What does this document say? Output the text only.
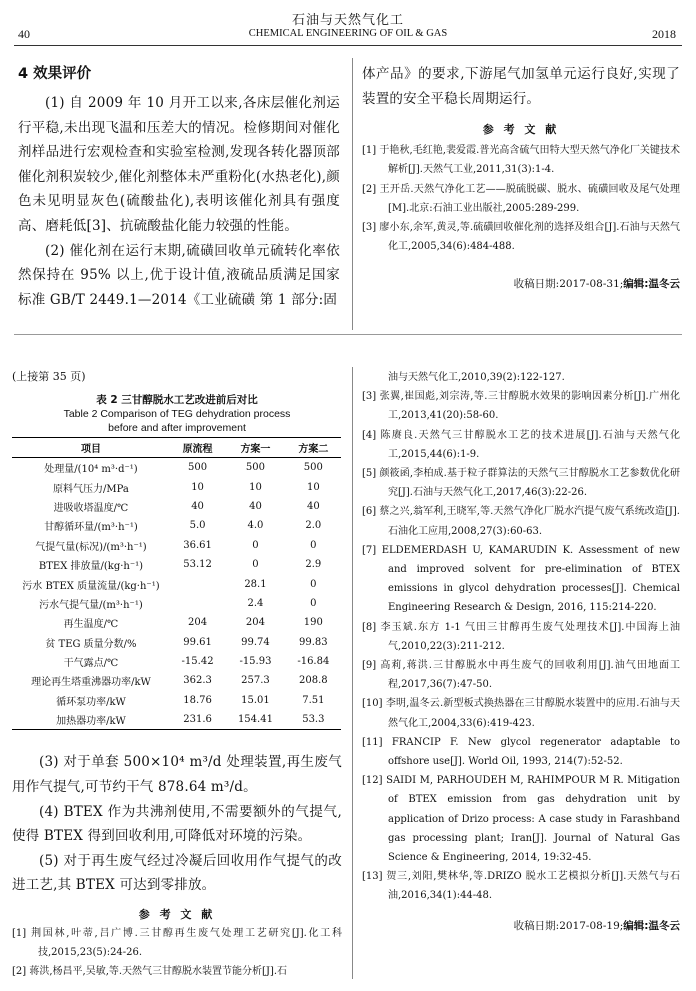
石油与天然气化工
CHEMICAL ENGINEERING OF OIL & GAS
40	2018
4 效果评价

(1) 自 2009 年 10 月开工以来,各床层催化剂运行平稳,未出现飞温和压差大的情况。检修期间对催化剂样品进行宏观检查和实验室检测,发现各转化器顶部催化剂积炭较少,催化剂整体未严重粉化(水热老化),颜色未见明显灰色(硫酸盐化),表明该催化剂具有强度高、磨耗低[3]、抗硫酸盐化能力较强的性能。

(2) 催化剂在运行末期,硫磺回收单元硫转化率依然保持在 95% 以上,优于设计值,液硫品质满足国家标准 GB/T 2449.1—2014《工业硫磺 第 1 部分:固

体产品》的要求,下游尾气加氢单元运行良好,实现了装置的安全平稳长周期运行。

参 考 文 献
[1] 于艳秋,毛红艳,裴爱霞.普光高含硫气田特大型天然气净化厂关键技术解析[J].天然气工业,2011,31(3):1-4.
[2] 王开岳.天然气净化工艺——脱硫脱碳、脱水、硫磺回收及尾气处理[M].北京:石油工业出版社,2005:289-299.
[3] 廖小东,余军,黄灵,等.硫磺回收催化剂的选择及组合[J].石油与天然气化工,2005,34(6):484-488.
收稿日期:2017-08-31;编辑:温冬云
(上接第 35 页)
表 2 三甘醇脱水工艺改进前后对比
Table 2 Comparison of TEG dehydration process
before and after improvement
项目	原流程	方案一	方案二
处理量/(10⁴ m³·d⁻¹)	500	500	500
原料气压力/MPa	10	10	10
进吸收塔温度/℃	40	40	40
甘醇循环量/(m³·h⁻¹)	5.0	4.0	2.0
气提气量(标况)/(m³·h⁻¹)	36.61	0	0
BTEX 排放量/(kg·h⁻¹)	53.12	0	2.9
污水 BTEX 质量流量/(kg·h⁻¹)		28.1	0
污水气提气量/(m³·h⁻¹)		2.4	0
再生温度/℃	204	204	190
贫 TEG 质量分数/%	99.61	99.74	99.83
干气露点/℃	-15.42	-15.93	-16.84
理论再生塔重沸器功率/kW	362.3	257.3	208.8
循环泵功率/kW	18.76	15.01	7.51
加热器功率/kW	231.6	154.41	53.3

(3) 对于单套 500×10⁴ m³/d 处理装置,再生废气用作气提气,可节约干气 878.64 m³/d。

(4) BTEX 作为共沸剂使用,不需要额外的气提气,使得 BTEX 得到回收利用,可降低对环境的污染。

(5) 对于再生废气经过冷凝后回收用作气提气的改进工艺,其 BTEX 可达到零排放。

参 考 文 献
[1] 荆国林,叶蒂,吕广博.三甘醇再生废气处理工艺研究[J].化工科技,2015,23(5):24-26.
[2] 蒋洪,杨昌平,吴敏,等.天然气三甘醇脱水装置节能分析[J].石
油与天然气化工,2010,39(2):122-127.
[3] 张翼,崔国彪,刘宗涛,等.三甘醇脱水效果的影响因素分析[J].广州化工,2013,41(20):58-60.
[4] 陈赓良.天然气三甘醇脱水工艺的技术进展[J].石油与天然气化工,2015,44(6):1-9.
[5] 颜筱函,李柏成.基于粒子群算法的天然气三甘醇脱水工艺参数优化研究[J].石油与天然气化工,2017,46(3):22-26.
[6] 蔡之兴,翁军利,王晓军,等.天然气净化厂脱水汽提气废气系统改造[J].石油化工应用,2008,27(3):60-63.
[7] ELDEMERDASH U, KAMARUDIN K. Assessment of new and improved solvent for pre-elimination of BTEX emissions in glycol dehydration processes[J]. Chemical Engineering Research & Design, 2016, 115:214-220.
[8] 李玉斌.东方 1-1 气田三甘醇再生废气处理技术[J].中国海上油气,2010,22(3):211-212.
[9] 高莉,蒋洪.三甘醇脱水中再生废气的回收利用[J].油气田地面工程,2017,36(7):47-50.
[10] 李明,温冬云.新型板式换热器在三甘醇脱水装置中的应用.石油与天然气化工,2004,33(6):419-423.
[11] FRANCIP F. New glycol regenerator adaptable to offshore use[J]. World Oil, 1993, 214(7):52-52.
[12] SAIDI M, PARHOUDEH M, RAHIMPOUR M R. Mitigation of BTEX emission from gas dehydration unit by application of Drizo process: A case study in Farashband gas processing plant; Iran[J]. Journal of Natural Gas Science & Engineering, 2014, 19:32-45.
[13] 贺三,刘阳,樊林华,等.DRIZO 脱水工艺模拟分析[J].天然气与石油,2016,34(1):44-48.
收稿日期:2017-08-19;编辑:温冬云
